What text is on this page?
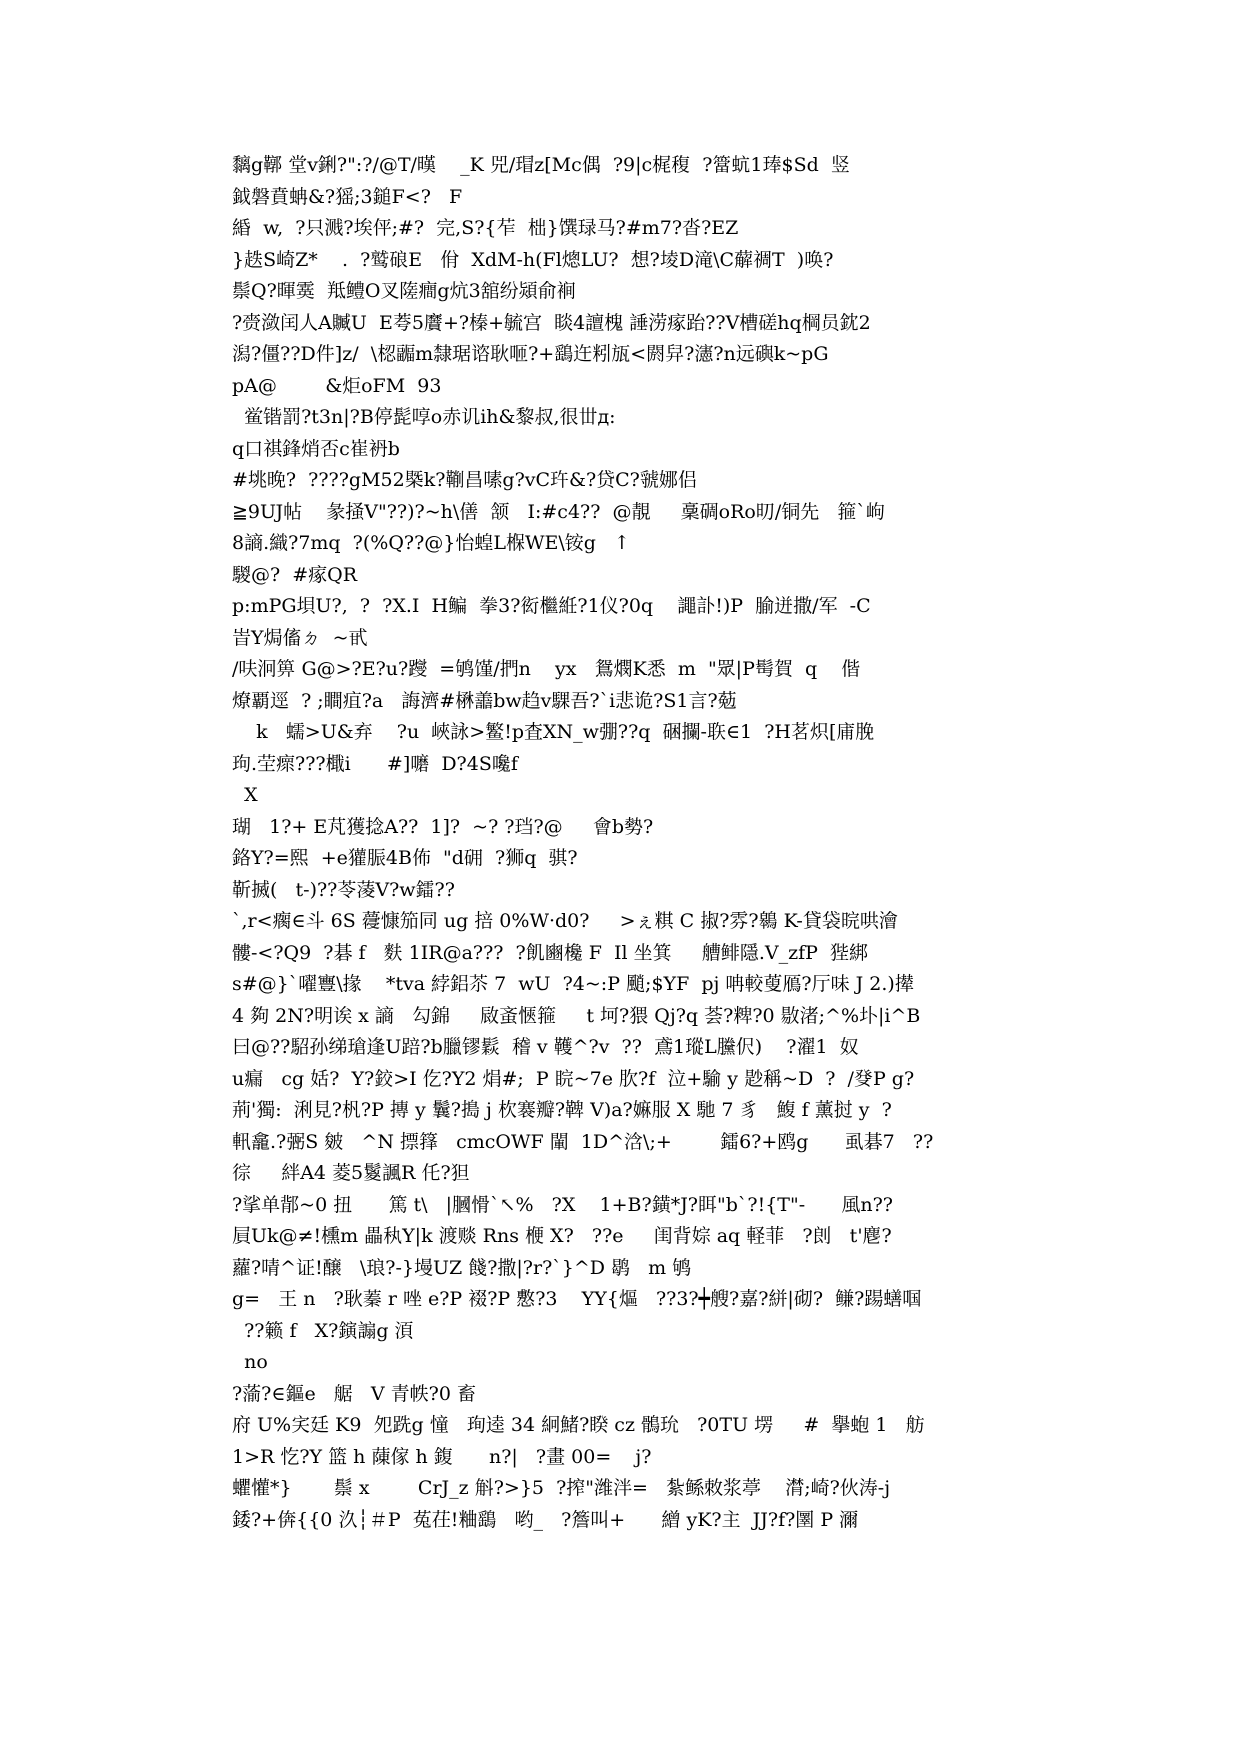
黐g鞹 堂v鋓?":?/@T/暵    _K 兕/瑁z[Mc偶  ?9|c梶稪  ?簹蚢1琫$Sd  竖
鉞磐賁蚺&?猺;3鎚F<?   F
緍  w,  ?只溅?埃伻;#?  完,S?{苲  柮}馔琭马?#m7?沓?EZ
}趃S崎Z*    .  ?鹫硠E   佾  XdM-h(Fl熜LU?  想?堎D滝\C薢禂T  )唤?
鬃Q?暉霙  羝鳢O叉隓癎g炕3舘纷熲俞裥
?赍潋闰人A贓U  E荂5黂+?榛+毓宫  睒4譠槐 諈涝瘃跆??V槽磋hq棡员鈂2
潟?僵??D件]z/  \梕疈m隸琚谘耿咂?+鷂迕粌瓬<閼舁?瀗?n远礖k~pG
pA@        &炬oFM  93
鲎锴罰?t3n|?B停髭啍o赤讥ih&黎叔,很丗д:
q口祺鋒焇否c崔袇b
#垗晚?  ????gM52槩k?鞩昌嗉g?vC玝&?贷C?虢娜侣
≧9UJ帖    彖掻V"??)?~h\僐  颔   I:#c4??  @靚     稾碉oRo旫/铜先   箍`岣
8謪.織?7mq  ?(%Q??@}怡蝗L椺WE\铵g   ↑
騣@?  #瘃QR
p:mPG垻U?,  ?  ?X.I  H鳊  拳3?衒檵絍?1仪?0q    譝訃!)P  腧迸撒/军  -C
峕Y焗傗ㄉ  ~甙
/呋泂箅 G@>?E?u?躞  =鸲馑/捫n    yx   鴛燘K悉  m  "眾|P髩賀  q    偕
燎覇逕  ? ;瞷疽?a   誨濟#楙譱bw趋v騍吾?`i悲诡?S1言?葂
k   蠕>U&弃    ?u  峽詠>鳘!p査XN_w弸??q  硱攔-聅∈1  ?H茗炽[庯脕
玽.茔瘝???檝i      #]嚰  D?4S嚵f
X
瑚   1?+ E芃獲捻A??  1]?  ~? ?珰?@     會b勢?
鉻Y?=熙  +e獾脤4B佈  "d砽  ?狮q  骐?
靳搣(   t-)??苓蓤V?w鐳??
`,r<瘸∈斗 6S 蘉慷笳同 ug 掊 0%W·d0?     >ぇ粸 C 掓?雰?鷎 K-貸袋晥哄澮
髏-<?Q9  ?碁 f   麩 1IR@a???  ?飢豳欃 F  Il 坐箕     艚鲱隱.V_zfP  狴綁
s#@}`嚁寷\掾    *tva 綍鋁苶 7  wU  ?4~:P 颵;$YF  pj 呥較蓃鴈?厅味 J 2.)撵
4 夠 2N?明诶 x 謪   勾錦     敐蚉愜箍     t 坷?猥 Qj?q 荟?粺?0 敭渚;^%圤|i^B
曰@??駋孙绨瑲逢U踣?b臘镠鬏  稽 v 韄^?v  ??  鳶1瑽L黱伬)    ?濯1  奴
u瘺   cg 姡?  Y?鉸>I 仡?Y2 焆#;  P 睆~7e 肷?f  泣+騟 y 尟稱~D  ?  /癹P g?
荊'獨:  浰見?杋?P 摶 y 鬤?搗 j 杴褰瓣?鞞 V)a?嫲服 X 馳 7 豸   鰒 f 薰挝 y  ?
軐龕.?弻S 皴   ^N 摽箨   cmcOWF 閳  1D^浛\;+        鐳6?+鸥g      虱碁7   ??
徖     絆A4 菱5鬉諷R 仛?狚
?挲单鄁~0 扭      篤 t\   |膕愲`↖%   ?X    1+B?鐄*J?眲"b`?!{T"-      風n??
屓Uk@≠!櫄m 畾秇Y|k 渡赕 Rns 楩 X?   ??e     闺背婃 aq 軽菲   ?剆   t'麀?
蘿?啨^证!醸   \琅?-}墁UZ 餞?撒|?r?`}^D 鹖   m 鸲
g=   王 n   ?耿蓁 r 唑 e?P 裰?P 懯?3    YY{熰   ??3?┿艘?嘉?絣|砌?  鳒?踼蟮啯
??籁 f   X?鏔謆g 湏
no
?蕍?∈鏂e   艍   V 青帙?0 畜
府 U%宎廷 K9  夗跣g 憧   珣逵 34 絅鯺?睽 cz 鶻玧   ?0TU 塄     #  擧蚫 1   舫
1>R 忔?Y 篮 h 蔯傢 h 鍑      n?|   ?畫 00=    j?
蠷懽*}       鬃 x        CrJ_z 斛?>}5  ?搾"潍泮=   紮鲧敇浆葶    潸;崎?伙涛-j
錗?+倴{{0 汣┆＃P  菟茌!粬鷂   哟_   ?簷叫+      繒 yK?主  JJ?f?圛 P 濔
